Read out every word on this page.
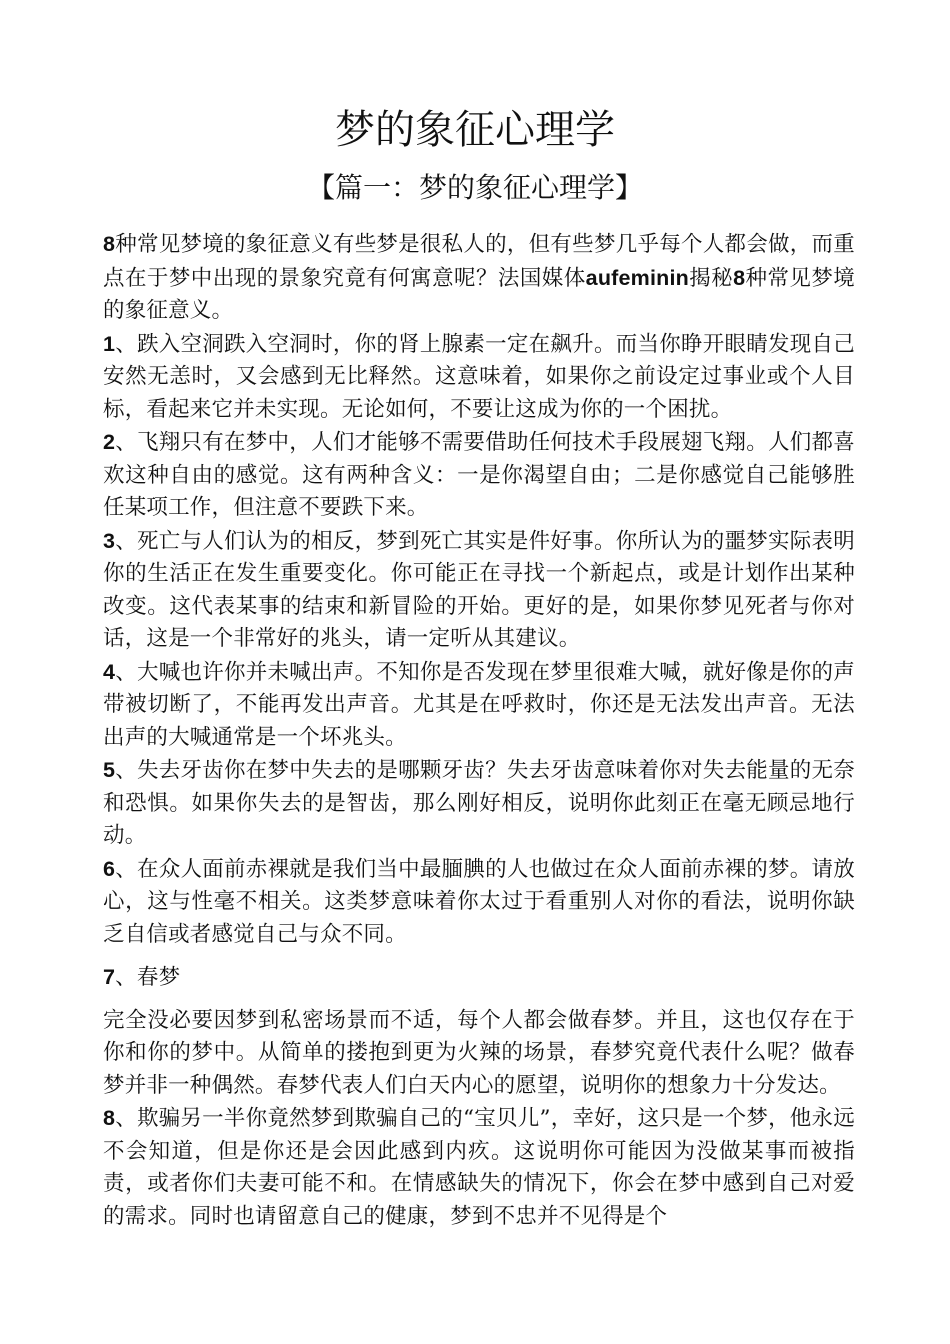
梦的象征心理学
【篇一：梦的象征心理学】

8种常见梦境的象征意义有些梦是很私人的，但有些梦几乎每个人都会做，而重点在于梦中出现的景象究竟有何寓意呢？法国媒体aufeminin揭秘8种常见梦境的象征意义。

1、跌入空洞跌入空洞时，你的肾上腺素一定在飙升。而当你睁开眼睛发现自己安然无恙时，又会感到无比释然。这意味着，如果你之前设定过事业或个人目标，看起来它并未实现。无论如何，不要让这成为你的一个困扰。

2、飞翔只有在梦中，人们才能够不需要借助任何技术手段展翅飞翔。人们都喜欢这种自由的感觉。这有两种含义：一是你渴望自由；二是你感觉自己能够胜任某项工作，但注意不要跌下来。

3、死亡与人们认为的相反，梦到死亡其实是件好事。你所认为的噩梦实际表明你的生活正在发生重要变化。你可能正在寻找一个新起点，或是计划作出某种改变。这代表某事的结束和新冒险的开始。更好的是，如果你梦见死者与你对话，这是一个非常好的兆头，请一定听从其建议。

4、大喊也许你并未喊出声。不知你是否发现在梦里很难大喊，就好像是你的声带被切断了，不能再发出声音。尤其是在呼救时，你还是无法发出声音。无法出声的大喊通常是一个坏兆头。

5、失去牙齿你在梦中失去的是哪颗牙齿？失去牙齿意味着你对失去能量的无奈和恐惧。如果你失去的是智齿，那么刚好相反，说明你此刻正在毫无顾忌地行动。

6、在众人面前赤裸就是我们当中最腼腆的人也做过在众人面前赤裸的梦。请放心，这与性毫不相关。这类梦意味着你太过于看重别人对你的看法，说明你缺乏自信或者感觉自己与众不同。

7、春梦

完全没必要因梦到私密场景而不适，每个人都会做春梦。并且，这也仅存在于你和你的梦中。从简单的搂抱到更为火辣的场景，春梦究竟代表什么呢？做春梦并非一种偶然。春梦代表人们白天内心的愿望，说明你的想象力十分发达。

8、欺骗另一半你竟然梦到欺骗自己的“宝贝儿”，幸好，这只是一个梦，他永远不会知道，但是你还是会因此感到内疚。这说明你可能因为没做某事而被指责，或者你们夫妻可能不和。在情感缺失的情况下，你会在梦中感到自己对爱的需求。同时也请留意自己的健康，梦到不忠并不见得是个
